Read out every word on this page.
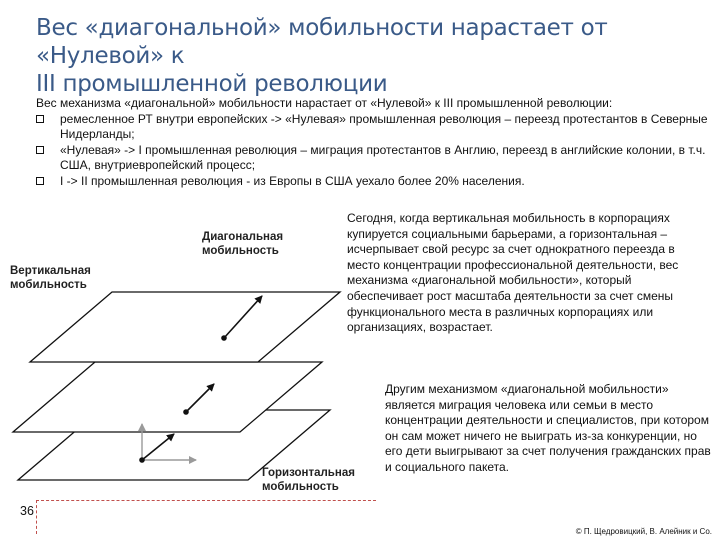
Вес «диагональной» мобильности нарастает от «Нулевой» к
III промышленной революции

Вес механизма «диагональной» мобильности нарастает от «Нулевой» к III промышленной революции:

ремесленное РТ внутри европейских -> «Нулевая» промышленная революция – переезд протестантов в Северные Нидерланды;
«Нулевая» -> I промышленная революция – миграция протестантов в Англию, переезд в английские колонии, в т.ч. США, внутриевропейский процесс;
I -> II промышленная революция - из Европы в США уехало более 20% населения.
Диагональная мобильность
Вертикальная мобильность
Горизонтальная мобильность
Сегодня, когда вертикальная мобильность в корпорациях купируется социальными барьерами, а горизонтальная – исчерпывает свой ресурс за счет однократного переезда в место концентрации профессиональной деятельности, вес механизма «диагональной мобильности», который обеспечивает рост масштаба деятельности за счет смены функционального места в различных корпорациях или организациях, возрастает.
Другим механизмом «диагональной мобильности» является миграция человека или семьи в место концентрации деятельности и специалистов, при котором он сам может ничего не выиграть из-за конкуренции, но его дети выигрывают за счет получения гражданских прав и социального пакета.
36
© П. Щедровицкий, В. Алейник и Со.
